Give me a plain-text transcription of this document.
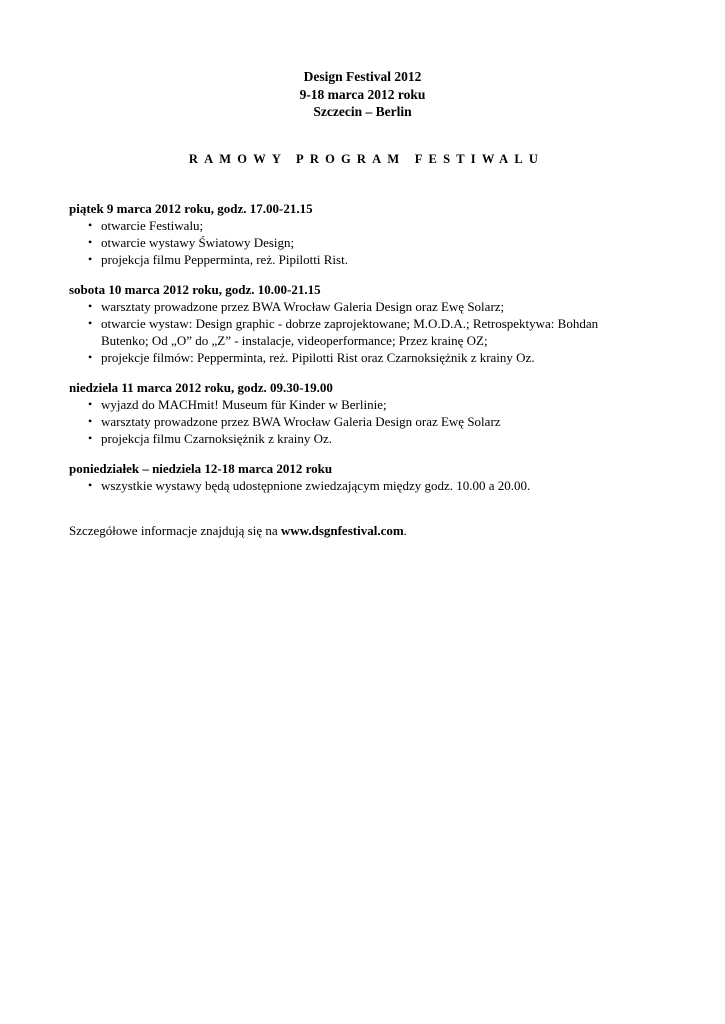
Design Festival 2012
9-18 marca 2012 roku
Szczecin – Berlin
RAMOWY PROGRAM FESTIWALU
piątek 9 marca 2012 roku, godz. 17.00-21.15
• otwarcie Festiwalu;
• otwarcie wystawy Światowy Design;
• projekcja filmu Pepperminta, reż. Pipilotti Rist.
sobota 10 marca 2012 roku, godz. 10.00-21.15
• warsztaty prowadzone przez BWA Wrocław Galeria Design oraz Ewę Solarz;
• otwarcie wystaw: Design graphic - dobrze zaprojektowane; M.O.D.A.; Retrospektywa: Bohdan Butenko; Od „O” do „Z” - instalacje, videoperformance; Przez krainę OZ;
• projekcje filmów: Pepperminta, reż. Pipilotti Rist oraz Czarnoksiężnik z krainy Oz.
niedziela 11 marca 2012 roku, godz. 09.30-19.00
• wyjazd do MACHmit! Museum für Kinder w Berlinie;
• warsztaty prowadzone przez BWA Wrocław Galeria Design oraz Ewę Solarz
• projekcja filmu Czarnoksiężnik z krainy Oz.
poniedziałek – niedziela 12-18 marca 2012 roku
• wszystkie wystawy będą udostępnione zwiedzającym między godz. 10.00 a 20.00.
Szczegółowe informacje znajdują się na www.dsgnfestival.com.
